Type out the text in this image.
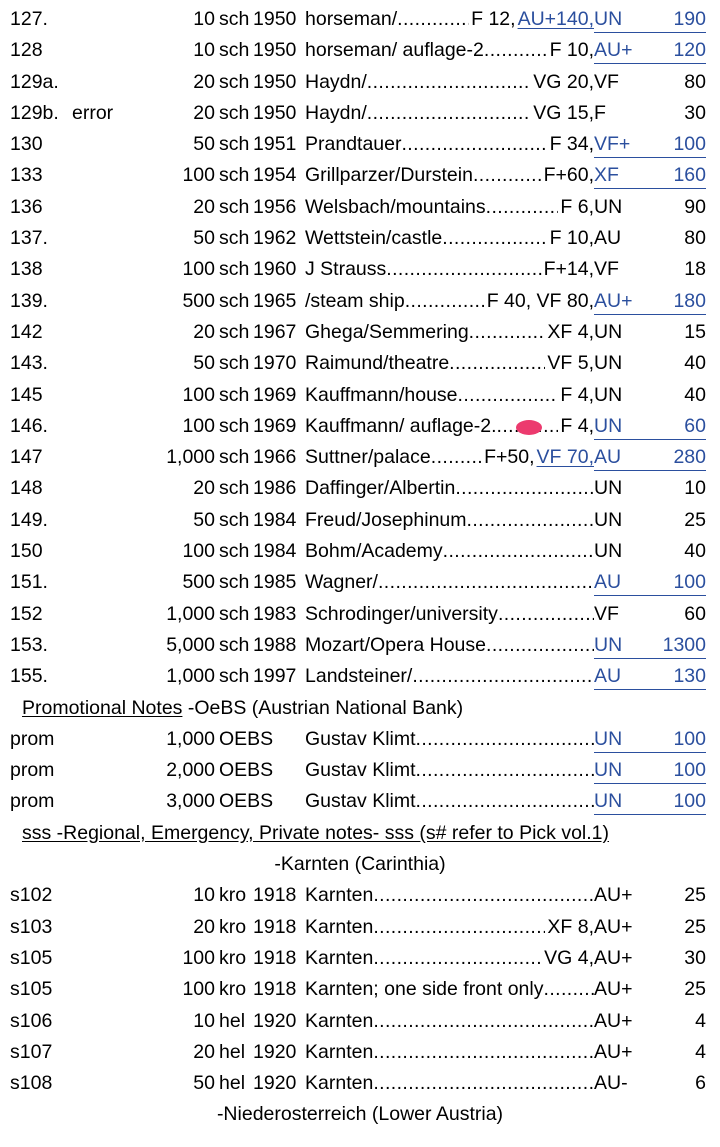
127.	10 sch 1950 horseman/ .....	F 12, AU+140, UN	190
128	10 sch 1950 horseman/ auflage-2 .....	F 10, AU+ 120
129a.	20 sch 1950 Haydn/ .....	VG 20, VF	80
129b. error	20 sch 1950 Haydn/ .....	VG 15, F	30
130	50 sch 1951 Prandtauer .....	F 34, VF+ 100
133	100 sch 1954 Grillparzer/Durstein .....	F+60, XF	160
136	20 sch 1956 Welsbach/mountains .....	F 6, UN	90
137.	50 sch 1962 Wettstein/castle .....	F 10, AU	80
138	100 sch 1960 J Strauss .....	F+14, VF	18
139.	500 sch 1965 /steam ship .....	F 40, VF 80, AU+ 180
142	20 sch 1967 Ghega/Semmering .....	XF 4, UN	15
143.	50 sch 1970 Raimund/theatre .....	VF 5, UN	40
145	100 sch 1969 Kauffmann/house .....	F 4, UN	40
146.	100 sch 1969 Kauffmann/ auflage-2. .....	F 4, UN	60
147	1,000 sch 1966 Suttner/palace .....	F+50, VF 70, AU	280
148	20 sch 1986 Daffinger/Albertin .....	UN	10
149.	50 sch 1984 Freud/Josephinum .....	UN	25
150	100 sch 1984 Bohm/Academy .....	UN	40
151.	500 sch 1985 Wagner/ .....	AU	100
152	1,000 sch 1983 Schrodinger/university .....	VF	60
153.	5,000 sch 1988 Mozart/Opera House .....	UN 1300
155.	1,000 sch 1997 Landsteiner/ .....	AU	130
Promotional Notes -OeBS (Austrian National Bank)
prom	1,000 OEBS Gustav Klimt .....	UN	100
prom	2,000 OEBS Gustav Klimt .....	UN	100
prom	3,000 OEBS Gustav Klimt .....	UN	100
sss -Regional, Emergency, Private notes- sss (s# refer to Pick vol.1)
-Karnten (Carinthia)
s102	10 kro 1918 Karnten .....	AU+	25
s103	20 kro 1918 Karnten .....	XF 8, AU+	25
s105	100 kro 1918 Karnten .....	VG 4, AU+	30
s105	100 kro 1918 Karnten; one side front only .....	AU+	25
s106	10 hel 1920 Karnten .....	AU+	4
s107	20 hel 1920 Karnten .....	AU+	4
s108	50 hel 1920 Karnten .....	AU-	6
-Niederosterreich (Lower Austria)
